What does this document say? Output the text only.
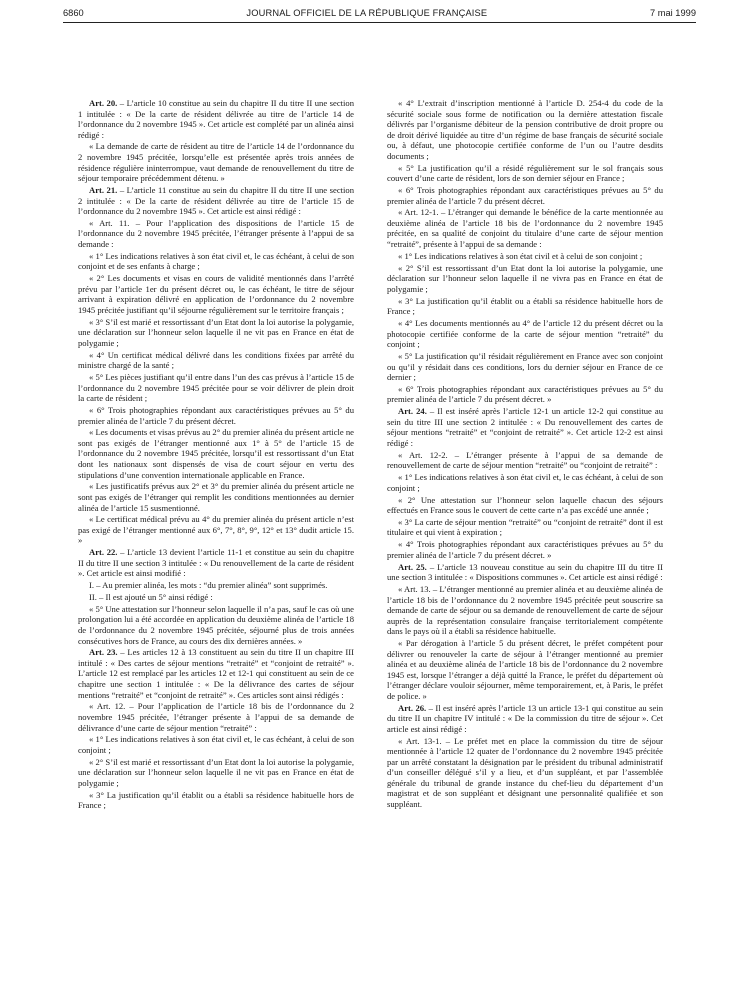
6860	JOURNAL OFFICIEL DE LA RÉPUBLIQUE FRANÇAISE	7 mai 1999

Art. 20. – L’article 10 constitue au sein du chapitre II du titre II une section 1 intitulée : « De la carte de résident délivrée au titre de l’article 14 de l’ordonnance du 2 novembre 1945 ». Cet article est complété par un alinéa ainsi rédigé :

« La demande de carte de résident au titre de l’article 14 de l’ordonnance du 2 novembre 1945 précitée, lorsqu’elle est présentée après trois années de résidence régulière ininterrompue, vaut demande de renouvellement du titre de séjour temporaire précédemment détenu. »

Art. 21. – L’article 11 constitue au sein du chapitre II du titre II une section 2 intitulée : « De la carte de résident délivrée au titre de l’article 15 de l’ordonnance du 2 novembre 1945 ». Cet article est ainsi rédigé :

« Art. 11. – Pour l’application des dispositions de l’article 15 de l’ordonnance du 2 novembre 1945 précitée, l’étranger présente à l’appui de sa demande :

« 1° Les indications relatives à son état civil et, le cas échéant, à celui de son conjoint et de ses enfants à charge ;

« 2° Les documents et visas en cours de validité mentionnés dans l’arrêté prévu par l’article 1er du présent décret ou, le cas échéant, le titre de séjour arrivant à expiration délivré en application de l’ordonnance du 2 novembre 1945 précitée justifiant qu’il séjourne régulièrement sur le territoire français ;

« 3° S’il est marié et ressortissant d’un Etat dont la loi autorise la polygamie, une déclaration sur l’honneur selon laquelle il ne vit pas en France en état de polygamie ;

« 4° Un certificat médical délivré dans les conditions fixées par arrêté du ministre chargé de la santé ;

« 5° Les pièces justifiant qu’il entre dans l’un des cas prévus à l’article 15 de l’ordonnance du 2 novembre 1945 précitée pour se voir délivrer de plein droit la carte de résident ;

« 6° Trois photographies répondant aux caractéristiques prévues au 5° du premier alinéa de l’article 7 du présent décret.

« Les documents et visas prévus au 2° du premier alinéa du présent article ne sont pas exigés de l’étranger mentionné aux 1° à 5° de l’article 15 de l’ordonnance du 2 novembre 1945 précitée, lorsqu’il est ressortissant d’un Etat dont les nationaux sont dispensés de visa de court séjour en vertu des stipulations d’une convention internationale applicable en France.

« Les justificatifs prévus aux 2° et 3° du premier alinéa du présent article ne sont pas exigés de l’étranger qui remplit les conditions mentionnées au dernier alinéa de l’article 15 susmentionné.

« Le certificat médical prévu au 4° du premier alinéa du présent article n’est pas exigé de l’étranger mentionné aux 6°, 7°, 8°, 9°, 12° et 13° dudit article 15. »

Art. 22. – L’article 13 devient l’article 11-1 et constitue au sein du chapitre II du titre II une section 3 intitulée : « Du renouvellement de la carte de résident ». Cet article est ainsi modifié :

I. – Au premier alinéa, les mots : “du premier alinéa” sont supprimés.

II. – Il est ajouté un 5° ainsi rédigé :

« 5° Une attestation sur l’honneur selon laquelle il n’a pas, sauf le cas où une prolongation lui a été accordée en application du deuxième alinéa de l’article 18 de l’ordonnance du 2 novembre 1945 précitée, séjourné plus de trois années consécutives hors de France, au cours des dix dernières années. »

Art. 23. – Les articles 12 à 13 constituent au sein du titre II un chapitre III intitulé : « Des cartes de séjour mentions “retraité” et “conjoint de retraité” ». L’article 12 est remplacé par les articles 12 et 12-1 qui constituent au sein de ce chapitre une section 1 intitulée : « De la délivrance des cartes de séjour mentions “retraité” et “conjoint de retraité” ». Ces articles sont ainsi rédigés :

« Art. 12. – Pour l’application de l’article 18 bis de l’ordonnance du 2 novembre 1945 précitée, l’étranger présente à l’appui de sa demande de délivrance d’une carte de séjour mention “retraité” :

« 1° Les indications relatives à son état civil et, le cas échéant, à celui de son conjoint ;

« 2° S’il est marié et ressortissant d’un Etat dont la loi autorise la polygamie, une déclaration sur l’honneur selon laquelle il ne vit pas en France en état de polygamie ;

« 3° La justification qu’il établit ou a établi sa résidence habituelle hors de France ;

« 4° L’extrait d’inscription mentionné à l’article D. 254-4 du code de la sécurité sociale sous forme de notification ou la dernière attestation fiscale délivrés par l’organisme débiteur de la pension contributive de droit propre ou de droit dérivé liquidée au titre d’un régime de base français de sécurité sociale ou, à défaut, une photocopie certifiée conforme de l’un ou l’autre desdits documents ;

« 5° La justification qu’il a résidé régulièrement sur le sol français sous couvert d’une carte de résident, lors de son dernier séjour en France ;

« 6° Trois photographies répondant aux caractéristiques prévues au 5° du premier alinéa de l’article 7 du présent décret.

« Art. 12-1. – L’étranger qui demande le bénéfice de la carte mentionnée au deuxième alinéa de l’article 18 bis de l’ordonnance du 2 novembre 1945 précitée, en sa qualité de conjoint du titulaire d’une carte de séjour mention “retraité”, présente à l’appui de sa demande :

« 1° Les indications relatives à son état civil et à celui de son conjoint ;

« 2° S’il est ressortissant d’un Etat dont la loi autorise la polygamie, une déclaration sur l’honneur selon laquelle il ne vivra pas en France en état de polygamie ;

« 3° La justification qu’il établit ou a établi sa résidence habituelle hors de France ;

« 4° Les documents mentionnés au 4° de l’article 12 du présent décret ou la photocopie certifiée conforme de la carte de séjour mention “retraité” du conjoint ;

« 5° La justification qu’il résidait régulièrement en France avec son conjoint ou qu’il y résidait dans ces conditions, lors du dernier séjour en France de ce dernier ;

« 6° Trois photographies répondant aux caractéristiques prévues au 5° du premier alinéa de l’article 7 du présent décret. »

Art. 24. – Il est inséré après l’article 12-1 un article 12-2 qui constitue au sein du titre III une section 2 intitulée : « Du renouvellement des cartes de séjour mentions “retraité” et “conjoint de retraité” ». Cet article 12-2 est ainsi rédigé :

« Art. 12-2. – L’étranger présente à l’appui de sa demande de renouvellement de carte de séjour mention “retraité” ou “conjoint de retraité” :

« 1° Les indications relatives à son état civil et, le cas échéant, à celui de son conjoint ;

« 2° Une attestation sur l’honneur selon laquelle chacun des séjours effectués en France sous le couvert de cette carte n’a pas excédé une année ;

« 3° La carte de séjour mention “retraité” ou “conjoint de retraité” dont il est titulaire et qui vient à expiration ;

« 4° Trois photographies répondant aux caractéristiques prévues au 5° du premier alinéa de l’article 7 du présent décret. »

Art. 25. – L’article 13 nouveau constitue au sein du chapitre III du titre II une section 3 intitulée : « Dispositions communes ». Cet article est ainsi rédigé :

« Art. 13. – L’étranger mentionné au premier alinéa et au deuxième alinéa de l’article 18 bis de l’ordonnance du 2 novembre 1945 précitée peut souscrire sa demande de carte de séjour ou sa demande de renouvellement de carte de séjour auprès de la représentation consulaire française territorialement compétente dans le pays où il a établi sa résidence habituelle.

« Par dérogation à l’article 5 du présent décret, le préfet compétent pour délivrer ou renouveler la carte de séjour à l’étranger mentionné au premier alinéa et au deuxième alinéa de l’article 18 bis de l’ordonnance du 2 novembre 1945 est, lorsque l’étranger a déjà quitté la France, le préfet du département où l’étranger déclare vouloir séjourner, même temporairement, et, à Paris, le préfet de police. »

Art. 26. – Il est inséré après l’article 13 un article 13-1 qui constitue au sein du titre II un chapitre IV intitulé : « De la commission du titre de séjour ». Cet article est ainsi rédigé :

« Art. 13-1. – Le préfet met en place la commission du titre de séjour mentionnée à l’article 12 quater de l’ordonnance du 2 novembre 1945 précitée par un arrêté constatant la désignation par le président du tribunal administratif d’un conseiller délégué s’il y a lieu, et d’un suppléant, et par l’assemblée générale du tribunal de grande instance du chef-lieu du département d’un magistrat et de son suppléant et désignant une personnalité qualifiée et son suppléant.
